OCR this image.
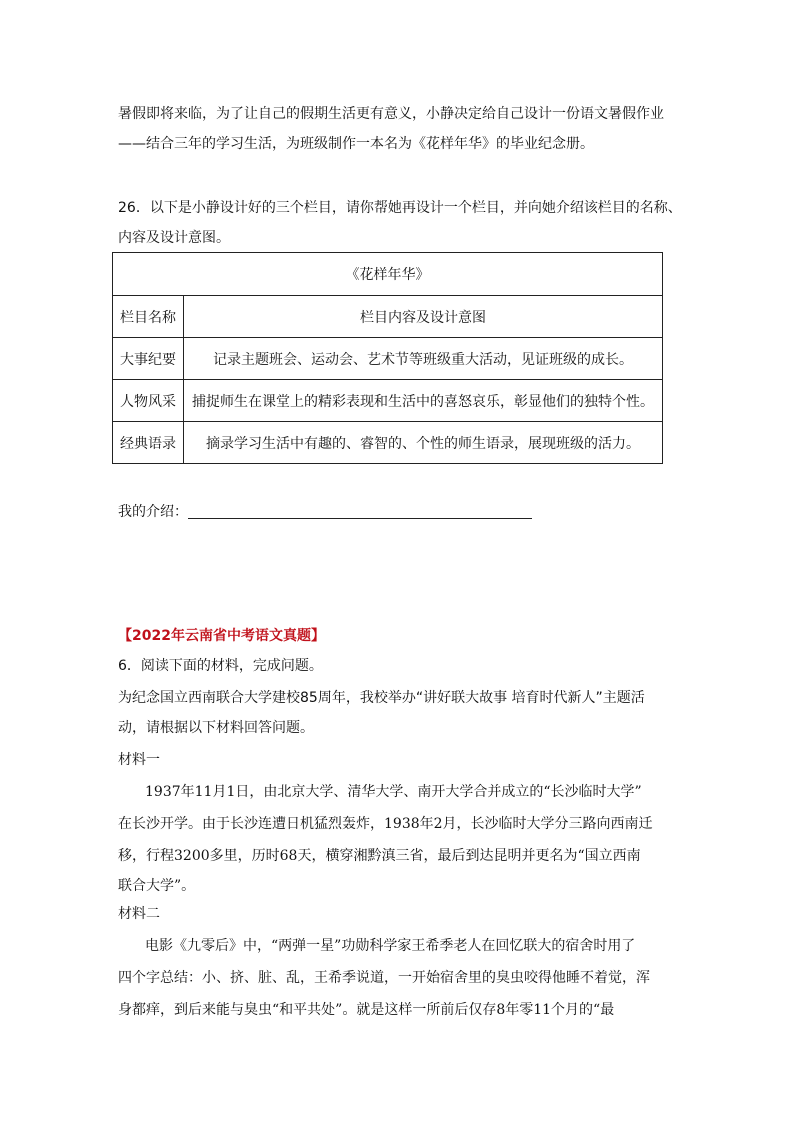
暑假即将来临，为了让自己的假期生活更有意义，小静决定给自己设计一份语文暑假作业
——结合三年的学习生活，为班级制作一本名为《花样年华》的毕业纪念册。
26．以下是小静设计好的三个栏目，请你帮她再设计一个栏目，并向她介绍该栏目的名称、
内容及设计意图。
《花样年华》	
栏目名称	栏目内容及设计意图
大事纪要	记录主题班会、运动会、艺术节等班级重大活动，见证班级的成长。
人物风采	捕捉师生在课堂上的精彩表现和生活中的喜怒哀乐，彰显他们的独特个性。
经典语录	摘录学习生活中有趣的、睿智的、个性的师生语录，展现班级的活力。
我的介绍：
【2022年云南省中考语文真题】
6．阅读下面的材料，完成问题。
为纪念国立西南联合大学建校85周年，我校举办“讲好联大故事 培育时代新人”主题活
动，请根据以下材料回答问题。
材料一
1937年11月1日，由北京大学、清华大学、南开大学合并成立的“长沙临时大学”
在长沙开学。由于长沙连遭日机猛烈轰炸，1938年2月，长沙临时大学分三路向西南迁
移，行程3200多里，历时68天，横穿湘黔滇三省，最后到达昆明并更名为“国立西南
联合大学”。
材料二
电影《九零后》中，“两弹一星”功勋科学家王希季老人在回忆联大的宿舍时用了
四个字总结：小、挤、脏、乱，王希季说道，一开始宿舍里的臭虫咬得他睡不着觉，浑
身都痒，到后来能与臭虫“和平共处”。就是这样一所前后仅存8年零11个月的“最
